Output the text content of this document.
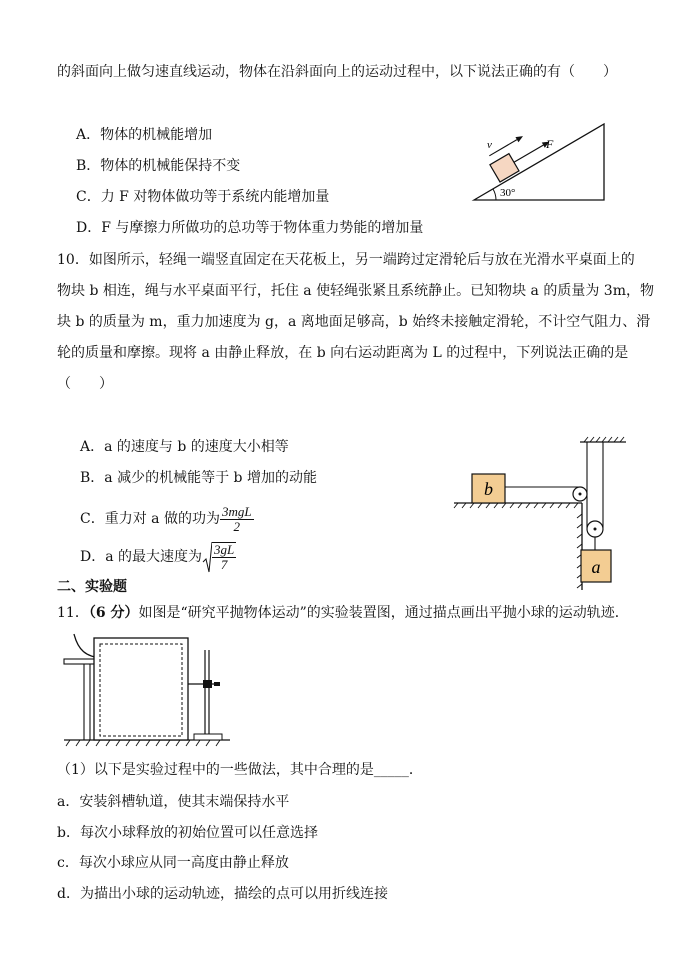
的斜面向上做匀速直线运动，物体在沿斜面向上的运动过程中，以下说法正确的有（　　）
A．物体的机械能增加
B．物体的机械能保持不变
C．力 F 对物体做功等于系统内能增加量
D．F 与摩擦力所做功的总功等于物体重力势能的增加量
30°
v	F
10．如图所示，轻绳一端竖直固定在天花板上，另一端跨过定滑轮后与放在光滑水平桌面上的
物块 b 相连，绳与水平桌面平行，托住 a 使轻绳张紧且系统静止。已知物块 a 的质量为 3m，物
块 b 的质量为 m，重力加速度为 g，a 离地面足够高，b 始终未接触定滑轮，不计空气阻力、滑
轮的质量和摩擦。现将 a 由静止释放，在 b 向右运动距离为 L 的过程中，下列说法正确的是
（　　）
A．a 的速度与 b 的速度大小相等
B．a 减少的机械能等于 b 增加的动能
C．重力对 a 做的功为 $\frac{\text{3mgL}}{2}$
D．a 的最大速度为 $\frac{3gL}{7}$
b
a
二、实验题
11．（6 分）如图是“研究平抛物体运动”的实验装置图，通过描点画出平抛小球的运动轨迹．
（1）以下是实验过程中的一些做法，其中合理的是_____．
a．安装斜槽轨道，使其末端保持水平
b．每次小球释放的初始位置可以任意选择
c．每次小球应从同一高度由静止释放
d．为描出小球的运动轨迹，描绘的点可以用折线连接
